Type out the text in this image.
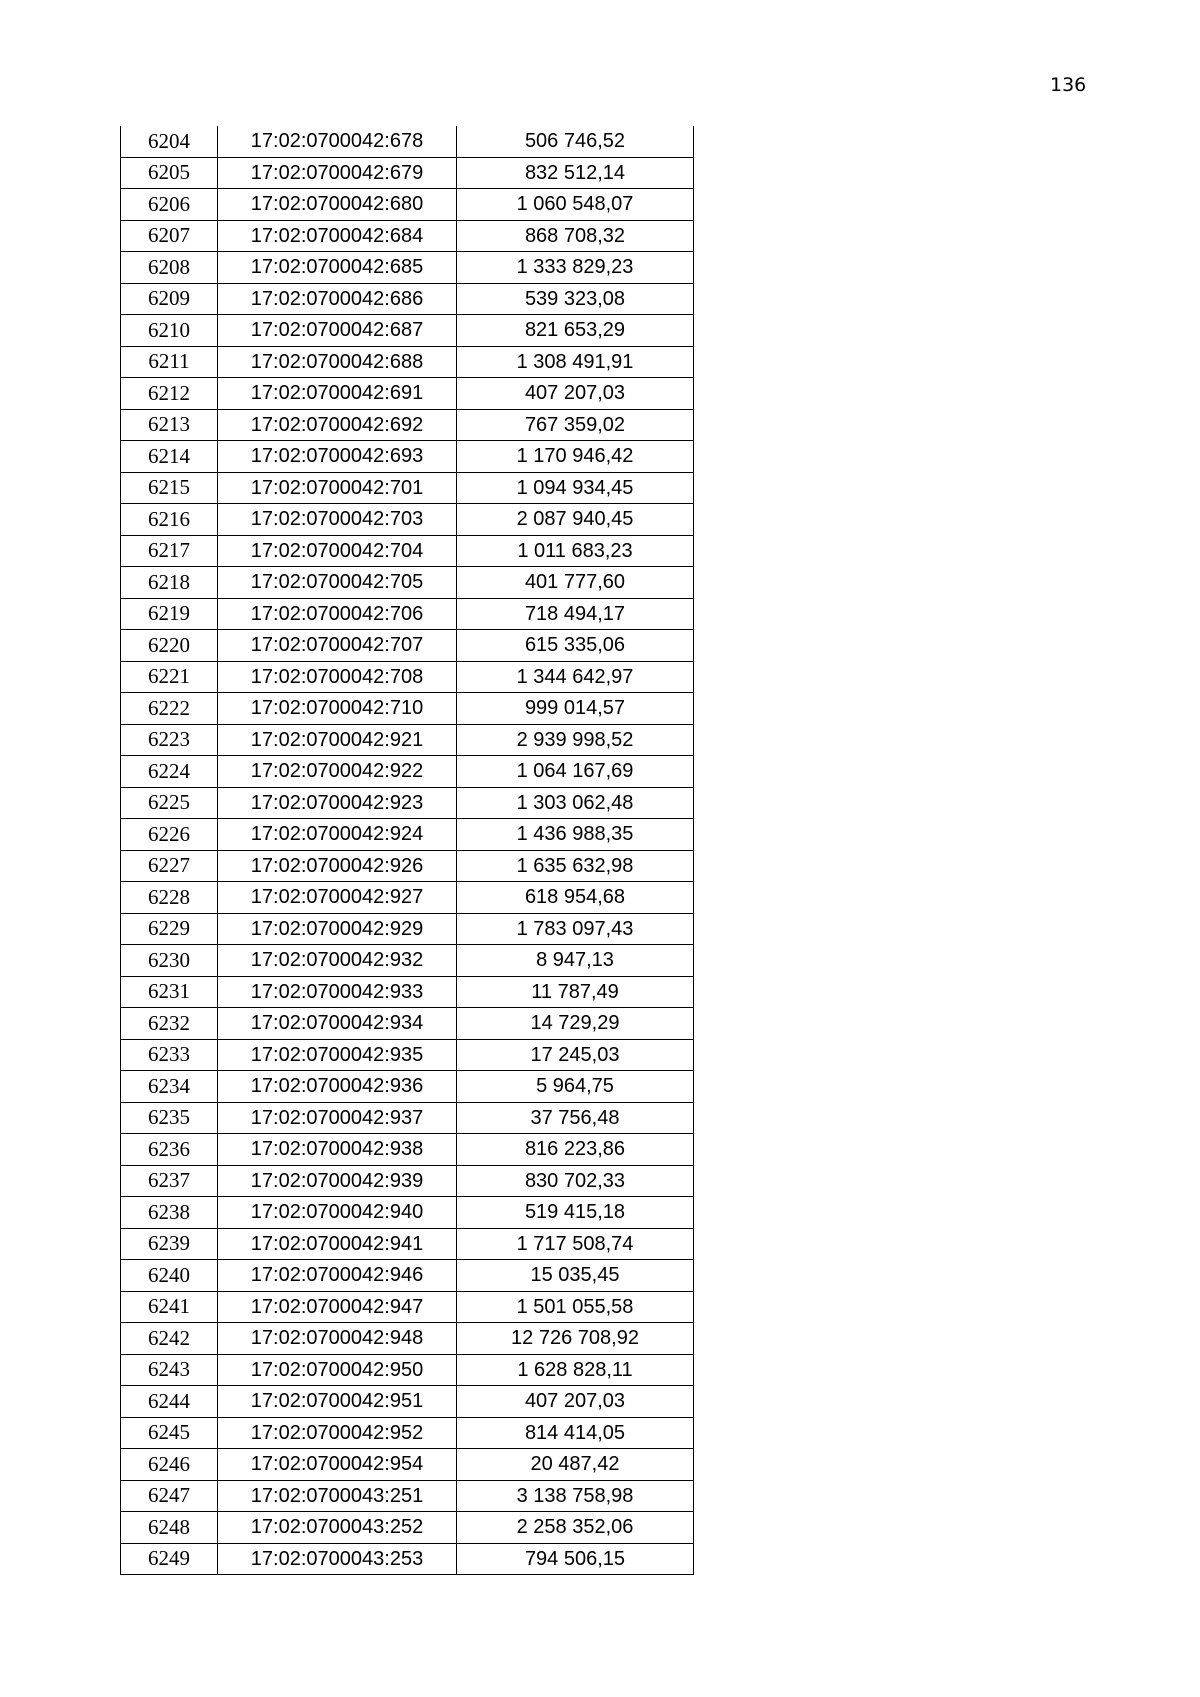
136
6204	17:02:0700042:678	506 746,52
6205	17:02:0700042:679	832 512,14
6206	17:02:0700042:680	1 060 548,07
6207	17:02:0700042:684	868 708,32
6208	17:02:0700042:685	1 333 829,23
6209	17:02:0700042:686	539 323,08
6210	17:02:0700042:687	821 653,29
6211	17:02:0700042:688	1 308 491,91
6212	17:02:0700042:691	407 207,03
6213	17:02:0700042:692	767 359,02
6214	17:02:0700042:693	1 170 946,42
6215	17:02:0700042:701	1 094 934,45
6216	17:02:0700042:703	2 087 940,45
6217	17:02:0700042:704	1 011 683,23
6218	17:02:0700042:705	401 777,60
6219	17:02:0700042:706	718 494,17
6220	17:02:0700042:707	615 335,06
6221	17:02:0700042:708	1 344 642,97
6222	17:02:0700042:710	999 014,57
6223	17:02:0700042:921	2 939 998,52
6224	17:02:0700042:922	1 064 167,69
6225	17:02:0700042:923	1 303 062,48
6226	17:02:0700042:924	1 436 988,35
6227	17:02:0700042:926	1 635 632,98
6228	17:02:0700042:927	618 954,68
6229	17:02:0700042:929	1 783 097,43
6230	17:02:0700042:932	8 947,13
6231	17:02:0700042:933	11 787,49
6232	17:02:0700042:934	14 729,29
6233	17:02:0700042:935	17 245,03
6234	17:02:0700042:936	5 964,75
6235	17:02:0700042:937	37 756,48
6236	17:02:0700042:938	816 223,86
6237	17:02:0700042:939	830 702,33
6238	17:02:0700042:940	519 415,18
6239	17:02:0700042:941	1 717 508,74
6240	17:02:0700042:946	15 035,45
6241	17:02:0700042:947	1 501 055,58
6242	17:02:0700042:948	12 726 708,92
6243	17:02:0700042:950	1 628 828,11
6244	17:02:0700042:951	407 207,03
6245	17:02:0700042:952	814 414,05
6246	17:02:0700042:954	20 487,42
6247	17:02:0700043:251	3 138 758,98
6248	17:02:0700043:252	2 258 352,06
6249	17:02:0700043:253	794 506,15
